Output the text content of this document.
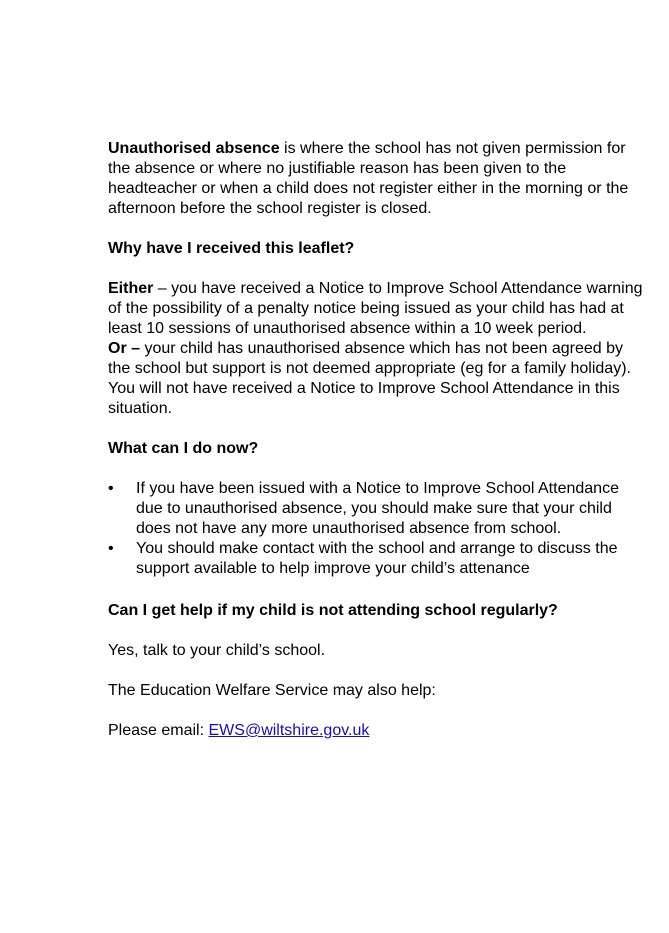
Unauthorised absence is where the school has not given permission for the absence or where no justifiable reason has been given to the headteacher or when a child does not register either in the morning or the afternoon before the school register is closed.

Why have I received this leaflet?

Either – you have received a Notice to Improve School Attendance warning of the possibility of a penalty notice being issued as your child has had at least 10 sessions of unauthorised absence within a 10 week period.

Or – your child has unauthorised absence which has not been agreed by the school but support is not deemed appropriate (eg for a family holiday). You will not have received a Notice to Improve School Attendance in this situation.

What can I do now?

•	If you have been issued with a Notice to Improve School Attendance due to unauthorised absence, you should make sure that your child does not have any more unauthorised absence from school.
•	You should make contact with the school and arrange to discuss the support available to help improve your child’s attenance

Can I get help if my child is not attending school regularly?

Yes, talk to your child’s school.

The Education Welfare Service may also help:

Please email: EWS@wiltshire.gov.uk
